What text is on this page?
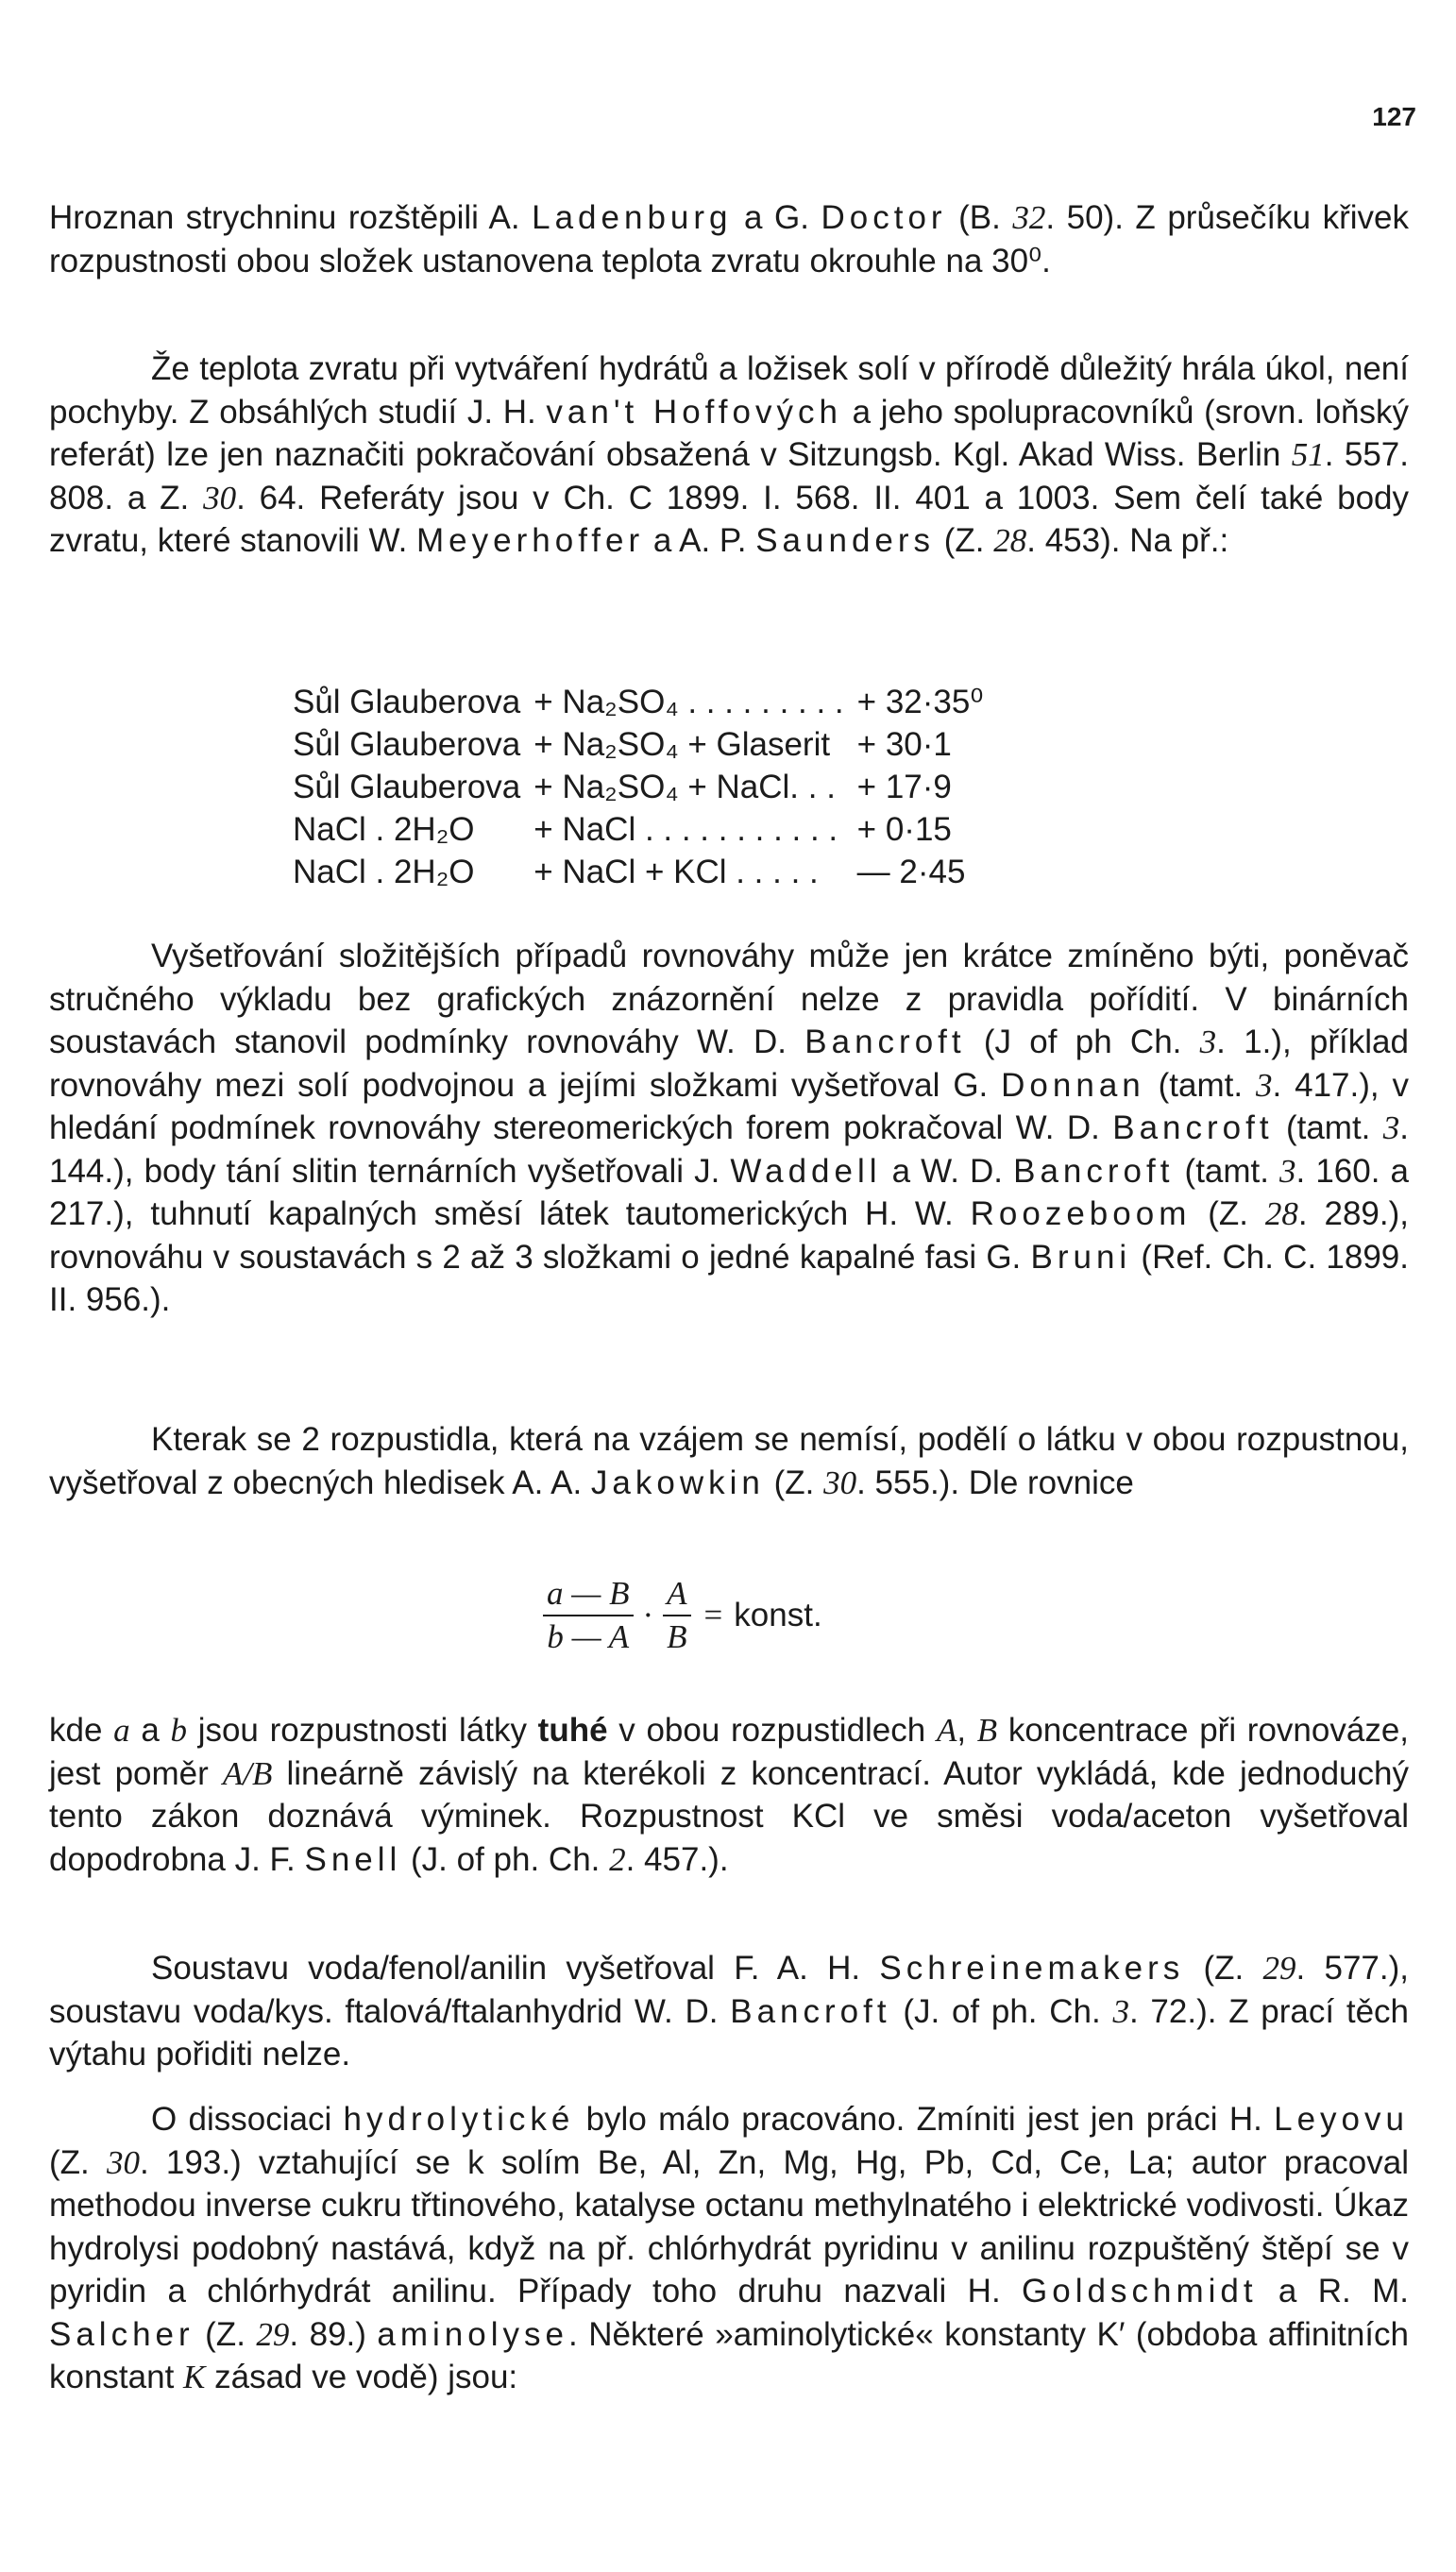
127

Hroznan strychninu rozštěpili A. Ladenburg a G. Doctor (B. 32. 50). Z průsečíku křivek rozpustnosti obou složek ustanovena teplota zvratu okrouhle na 30⁰.

Že teplota zvratu při vytváření hydrátů a ložisek solí v přírodě důležitý hrála úkol, není pochyby. Z obsáhlých studií J. H. van't Hoffových a jeho spolupracovníků (srovn. loňský referát) lze jen naznačiti pokračování obsažená v Sitzungsb. Kgl. Akad Wiss. Berlin 51. 557. 808. a Z. 30. 64. Referáty jsou v Ch. C 1899. I. 568. II. 401 a 1003. Sem čelí také body zvratu, které stanovili W. Meyerhoffer a A. P. Saunders (Z. 28. 453). Na př.:

Sůl Glauberova	+ Na₂SO₄ . . . . . . . . .	+ 32·35⁰
Sůl Glauberova	+ Na₂SO₄ + Glaserit	+ 30·1
Sůl Glauberova	+ Na₂SO₄ + NaCl. . .	+ 17·9
NaCl . 2H₂O	+ NaCl . . . . . . . . . . .	+ 0·15
NaCl . 2H₂O	+ NaCl + KCl . . . . .	— 2·45

Vyšetřování složitějších případů rovnováhy může jen krátce zmíněno býti, poněvač stručného výkladu bez grafických znázornění nelze z pravidla pořídití. V binárních soustavách stanovil podmínky rovnováhy W. D. Bancroft (J of ph Ch. 3. 1.), příklad rovnováhy mezi solí podvojnou a jejími složkami vyšetřoval G. Donnan (tamt. 3. 417.), v hledání podmínek rovnováhy stereomerických forem pokračoval W. D. Bancroft (tamt. 3. 144.), body tání slitin ternárních vyšetřovali J. Waddell a W. D. Bancroft (tamt. 3. 160. a 217.), tuhnutí kapalných směsí látek tautomerických H. W. Roozeboom (Z. 28. 289.), rovnováhu v soustavách s 2 až 3 složkami o jedné kapalné fasi G. Bruni (Ref. Ch. C. 1899. II. 956.).

Kterak se 2 rozpustidla, která na vzájem se nemísí, podělí o látku v obou rozpustnou, vyšetřoval z obecných hledisek A. A. Jakowkin (Z. 30. 555.). Dle rovnice

$\frac{a — B}{b — A} \cdot \frac{A}{B}$ = konst.

kde a a b jsou rozpustnosti látky tuhé v obou rozpustidlech A, B koncentrace při rovnováze, jest poměr A/B lineárně závislý na kterékoli z koncentrací. Autor vykládá, kde jednoduchý tento zákon doznává výminek. Rozpustnost KCl ve směsi voda/aceton vyšetřoval dopodrobna J. F. Snell (J. of ph. Ch. 2. 457.).

Soustavu voda/fenol/anilin vyšetřoval F. A. H. Schreinemakers (Z. 29. 577.), soustavu voda/kys. ftalová/ftalanhydrid W. D. Bancroft (J. of ph. Ch. 3. 72.). Z prací těch výtahu pořiditi nelze.

O dissociaci hydrolytické bylo málo pracováno. Zmíniti jest jen práci H. Leyovu (Z. 30. 193.) vztahující se k solím Be, Al, Zn, Mg, Hg, Pb, Cd, Ce, La; autor pracoval methodou inverse cukru třtinového, katalyse octanu methylnatého i elektrické vodivosti. Úkaz hydrolysi podobný nastává, když na př. chlórhydrát pyridinu v anilinu rozpuštěný štěpí se v pyridin a chlórhydrát anilinu. Případy toho druhu nazvali H. Goldschmidt a R. M. Salcher (Z. 29. 89.) aminolyse. Některé »aminolytické« konstanty K′ (obdoba affinitních konstant K zásad ve vodě) jsou:
